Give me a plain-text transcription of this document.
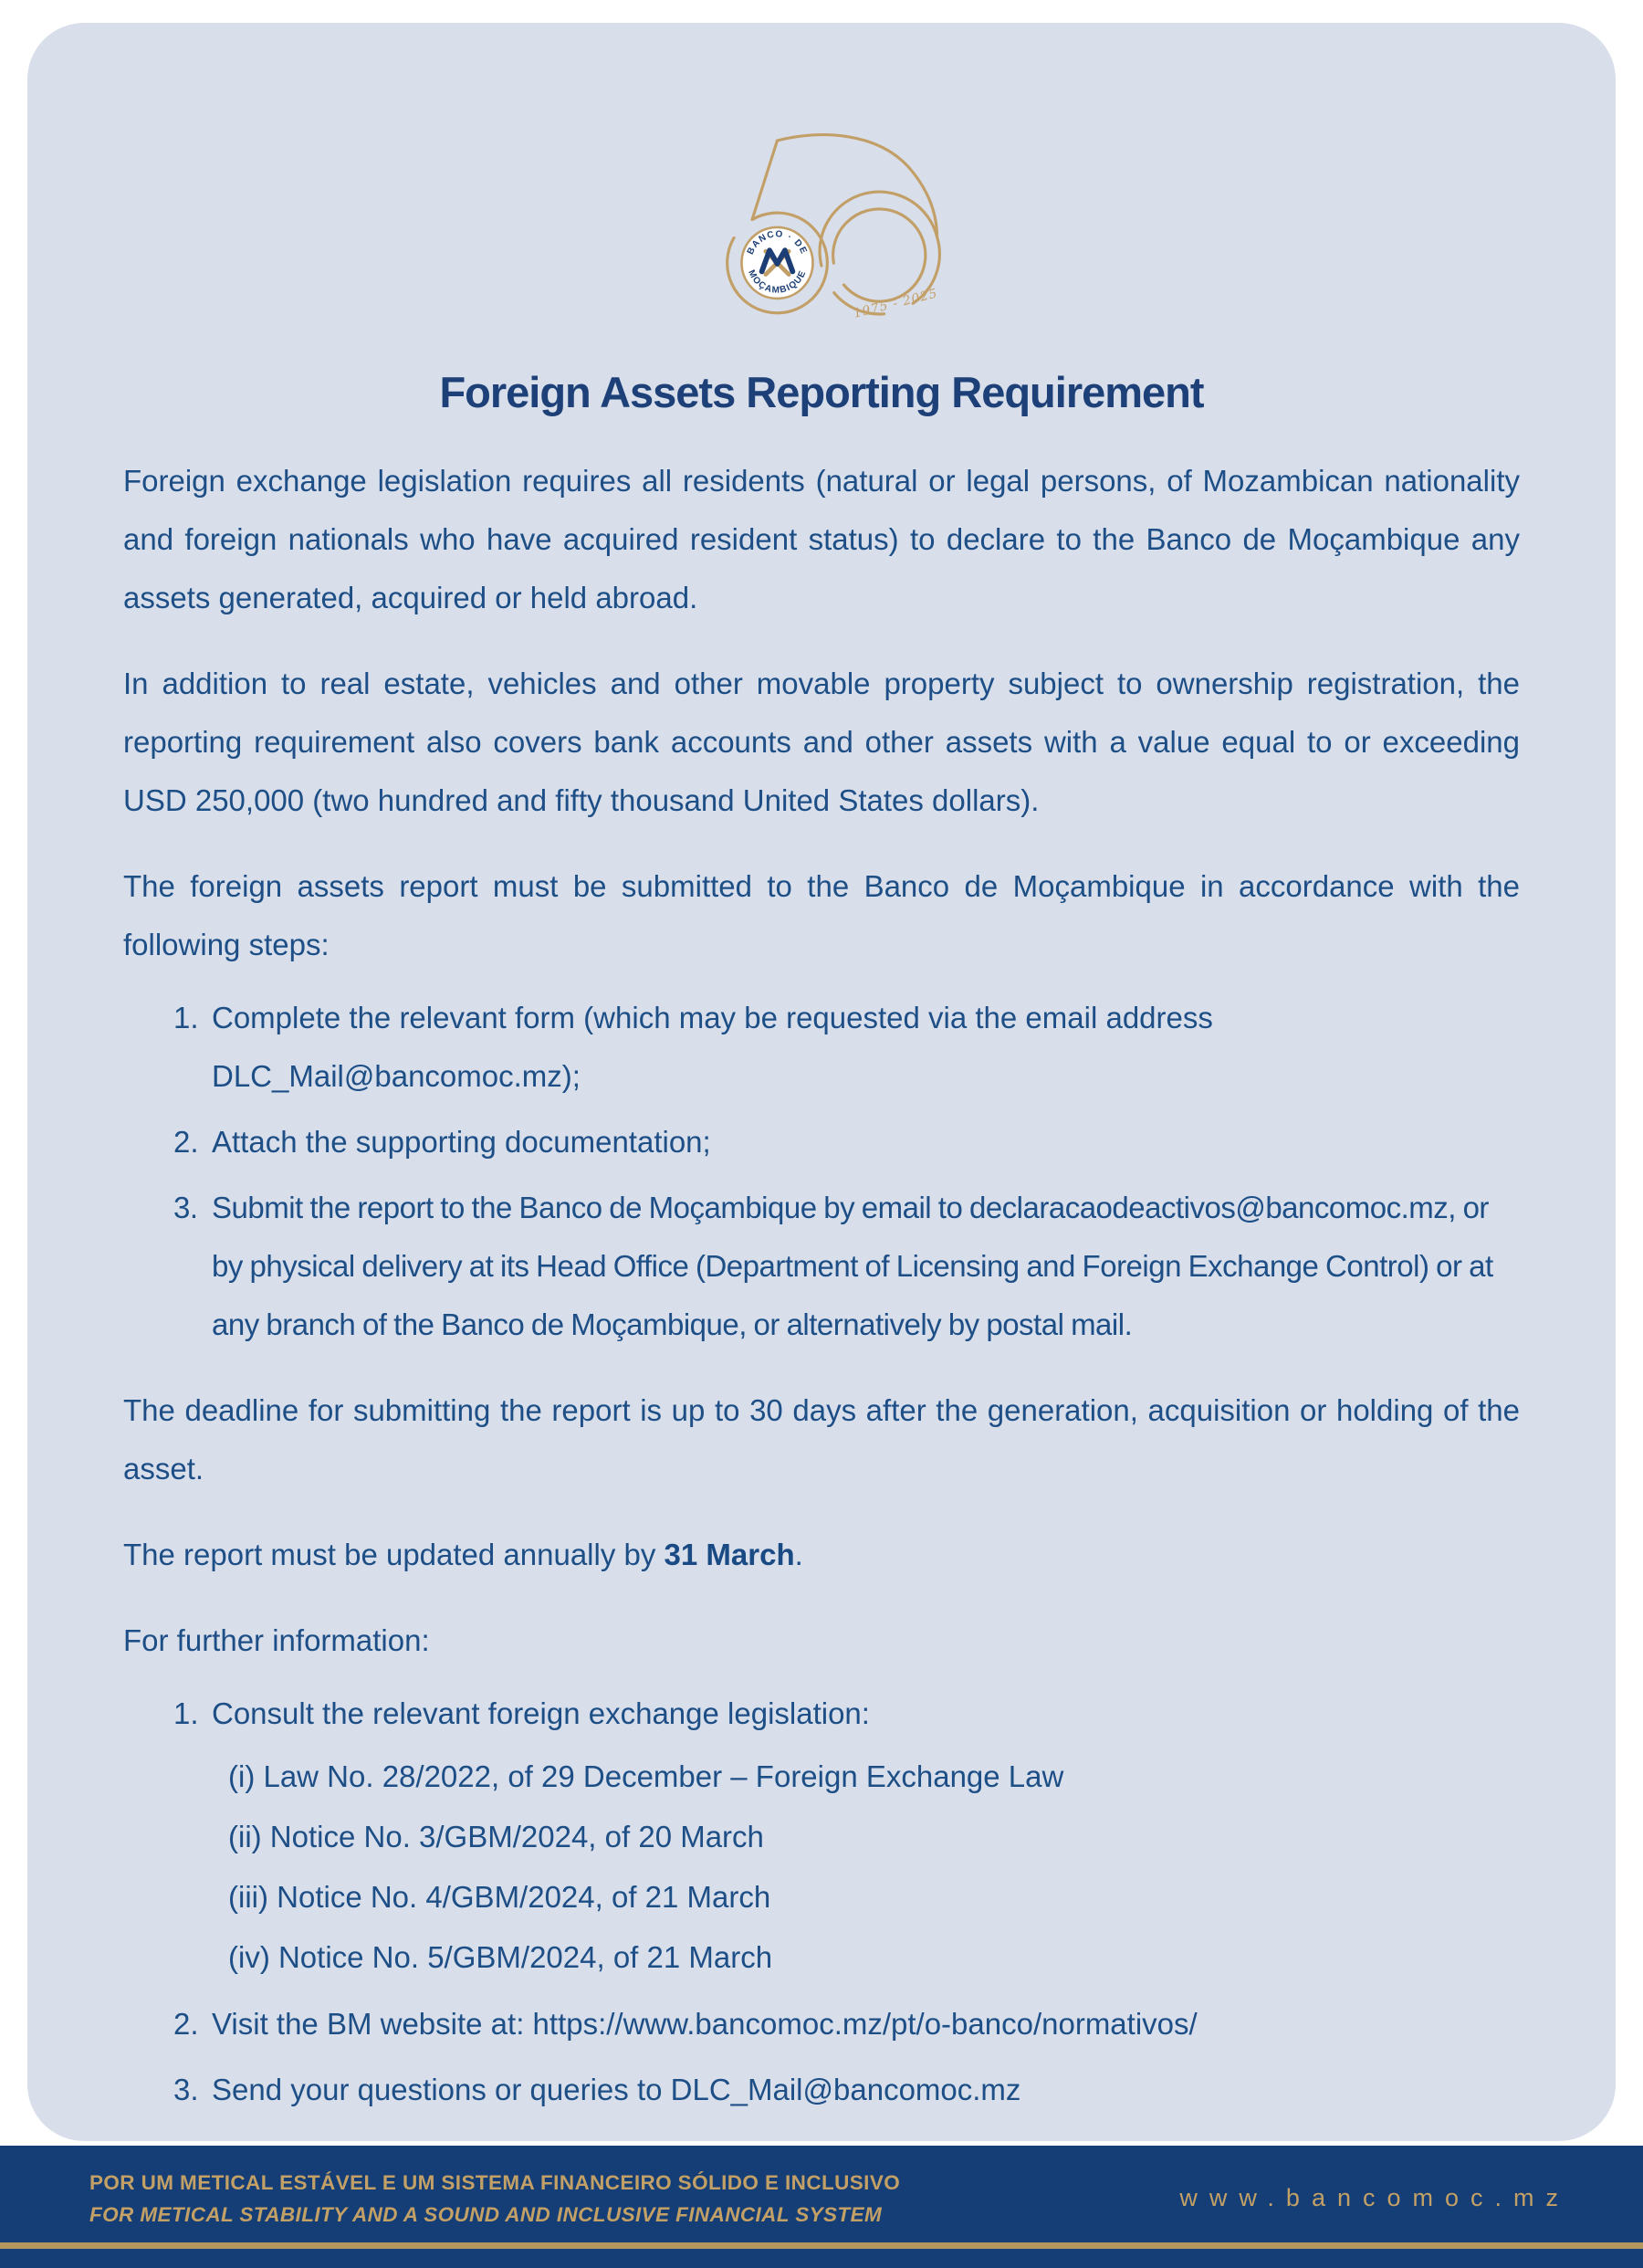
BANCO · DE
MOÇAMBIQUE
1975 - 2025
Foreign Assets Reporting Requirement

Foreign exchange legislation requires all residents (natural or legal persons, of Mozambican nationality and foreign nationals who have acquired resident status) to declare to the Banco de Moçambique any assets generated, acquired or held abroad.

In addition to real estate, vehicles and other movable property subject to ownership registration, the reporting requirement also covers bank accounts and other assets with a value equal to or exceeding USD 250,000 (two hundred and fifty thousand United States dollars).

The foreign assets report must be submitted to the Banco de Moçambique in accordance with the following steps:

Complete the relevant form (which may be requested via the email address DLC_Mail@bancomoc.mz);
Attach the supporting documentation;
Submit the report to the Banco de Moçambique by email to declaracaodeactivos@bancomoc.mz, or by physical delivery at its Head Office (Department of Licensing and Foreign Exchange Control) or at any branch of the Banco de Moçambique, or alternatively by postal mail.

The deadline for submitting the report is up to 30 days after the generation, acquisition or holding of the asset.

The report must be updated annually by 31 March.

For further information:

Consult the relevant foreign exchange legislation:
(i) Law No. 28/2022, of 29 December – Foreign Exchange Law
(ii) Notice No. 3/GBM/2024, of 20 March
(iii) Notice No. 4/GBM/2024, of 21 March
(iv) Notice No. 5/GBM/2024, of 21 March
Visit the BM website at: https://www.bancomoc.mz/pt/o-banco/normativos/
Send your questions or queries to DLC_Mail@bancomoc.mz
POR UM METICAL ESTÁVEL E UM SISTEMA FINANCEIRO SÓLIDO E INCLUSIVO
FOR METICAL STABILITY AND A SOUND AND INCLUSIVE FINANCIAL SYSTEM
www.bancomoc.mz
